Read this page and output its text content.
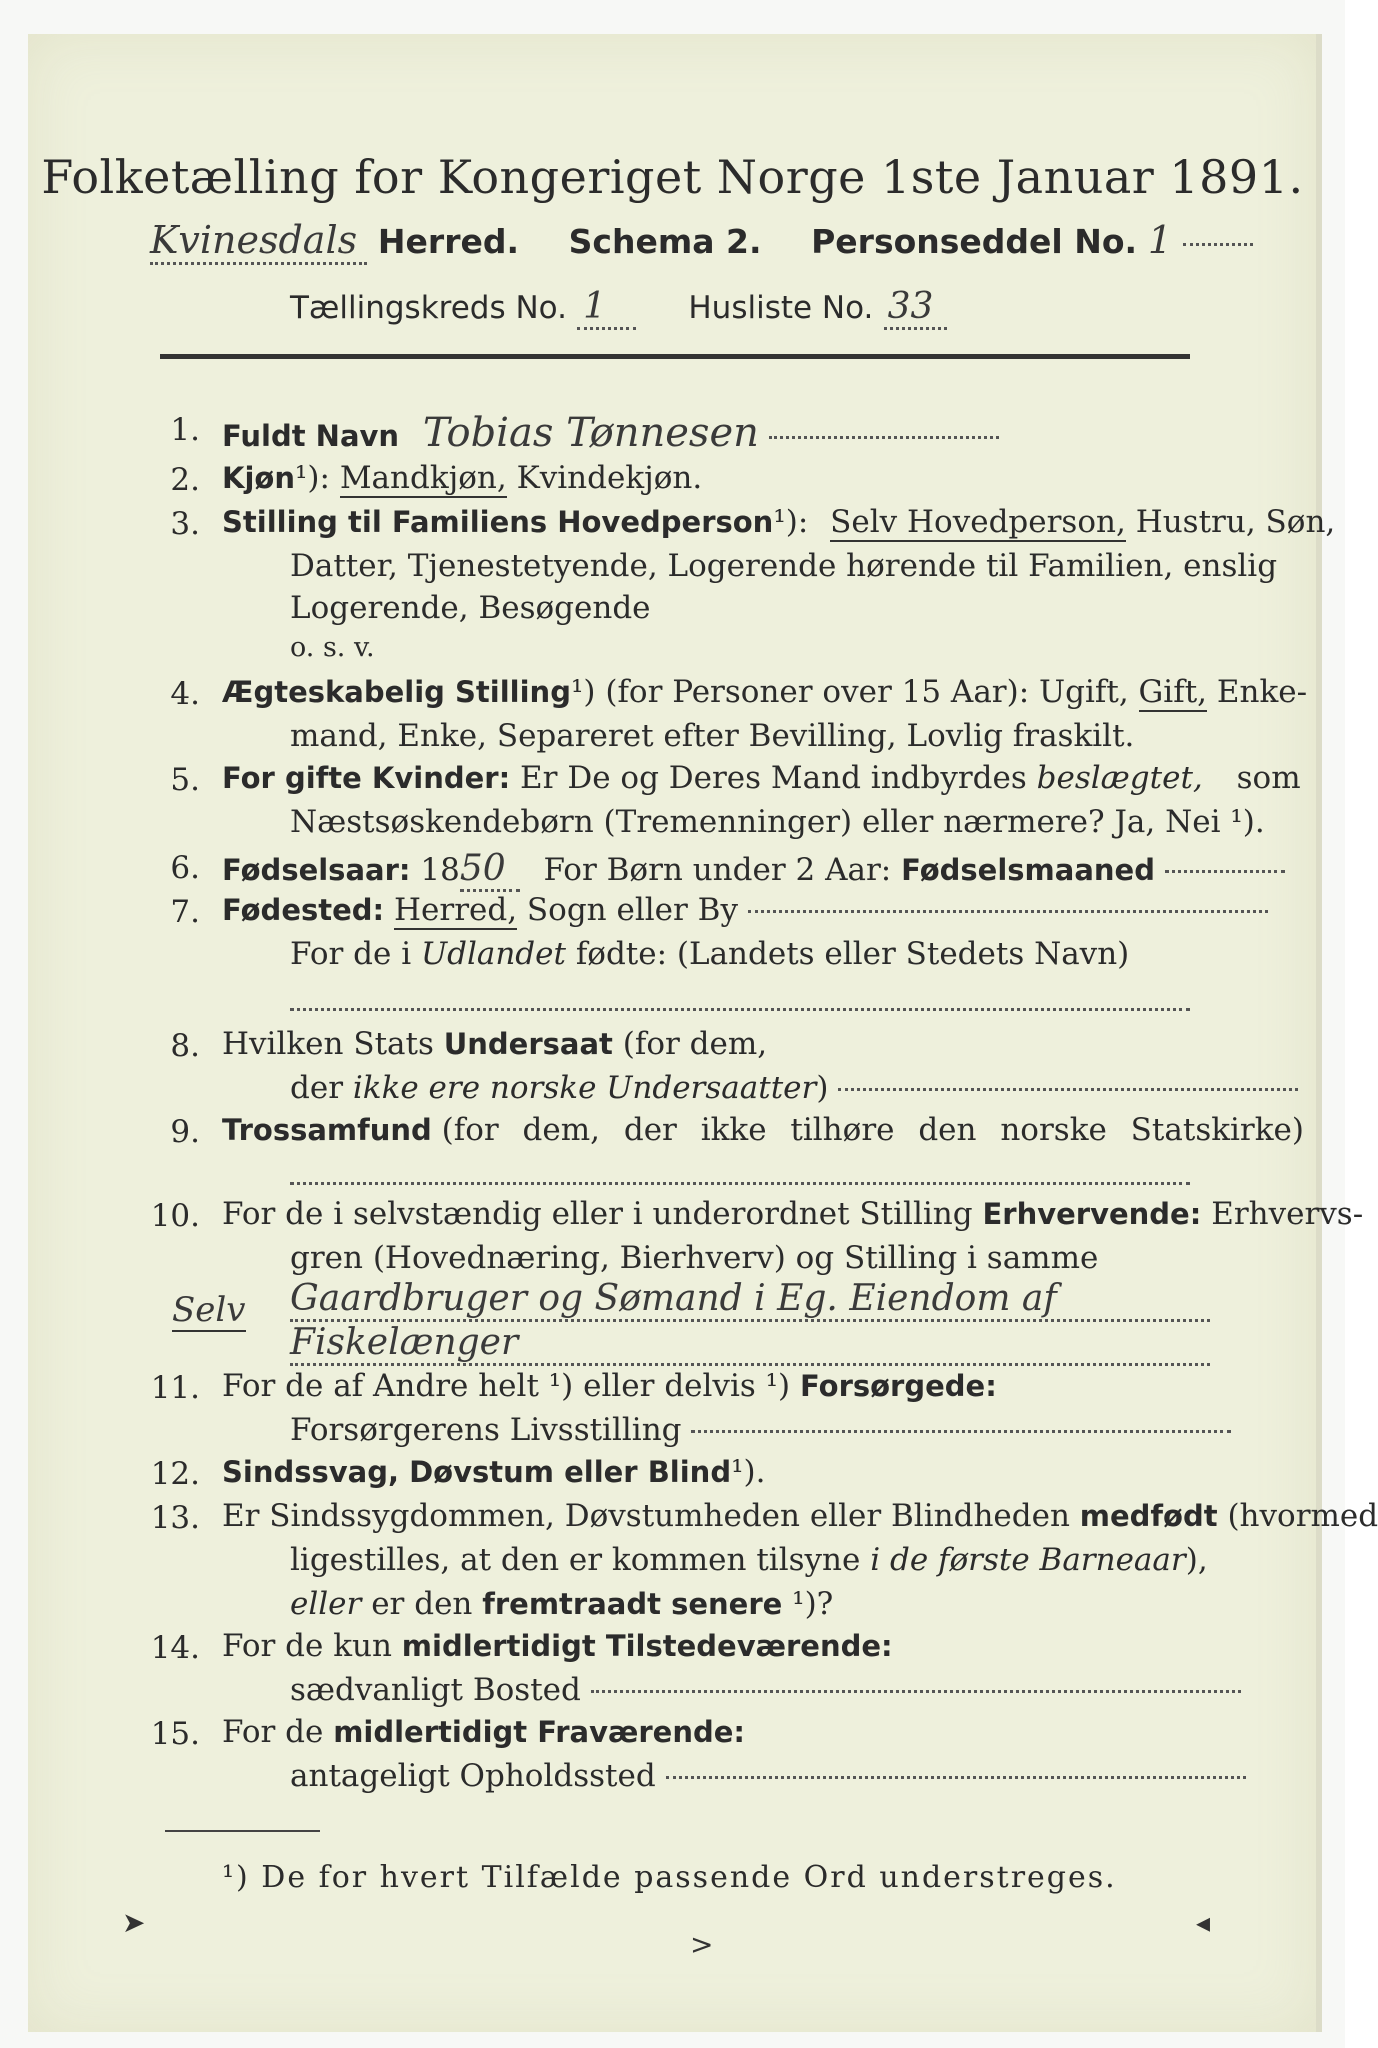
Folketælling for Kongeriget Norge 1ste Januar 1891.
Kvinesdals Herred. Schema 2. Personseddel No. 1
Tællingskreds No. 1	Husliste No. 33
1. Fuldt Navn Tobias Tønnesen
2. Kjøn¹): Mandkjøn, Kvindekjøn.
3. Stilling til Familiens Hovedperson¹): Selv Hovedperson, Hustru, Søn,
Datter, Tjenestetyende, Logerende hørende til Familien, enslig
Logerende, Besøgende
o. s. v.
4. Ægteskabelig Stilling¹) (for Personer over 15 Aar): Ugift, Gift, Enke-
mand, Enke, Separeret efter Bevilling, Lovlig fraskilt.
5. For gifte Kvinder: Er De og Deres Mand indbyrdes beslægtet, som
Næstsøskendebørn (Tremenninger) eller nærmere? Ja, Nei ¹).
6. Fødselsaar: 1850 For Børn under 2 Aar: Fødselsmaaned
7. Fødested: Herred, Sogn eller By
For de i Udlandet fødte: (Landets eller Stedets Navn)
8. Hvilken Stats Undersaat (for dem,
der ikke ere norske Undersaatter)
9. Trossamfund (for dem, der ikke tilhøre den norske Statskirke)
10. For de i selvstændig eller i underordnet Stilling Erhvervende: Erhvervs-
gren (Hovednæring, Bierhverv) og Stilling i samme
Gaardbruger og Sømand i Eg. Eiendom af
Selv
Fiskelænger
11. For de af Andre helt ¹) eller delvis ¹) Forsørgede:
Forsørgerens Livsstilling
12. Sindssvag, Døvstum eller Blind¹).
13. Er Sindssygdommen, Døvstumheden eller Blindheden medfødt (hvormed
ligestilles, at den er kommen tilsyne i de første Barneaar),
eller er den fremtraadt senere ¹)?
14. For de kun midlertidigt Tilstedeværende:
sædvanligt Bosted
15. For de midlertidigt Fraværende:
antageligt Opholdssted
¹) De for hvert Tilfælde passende Ord understreges.
➤
>
◂
